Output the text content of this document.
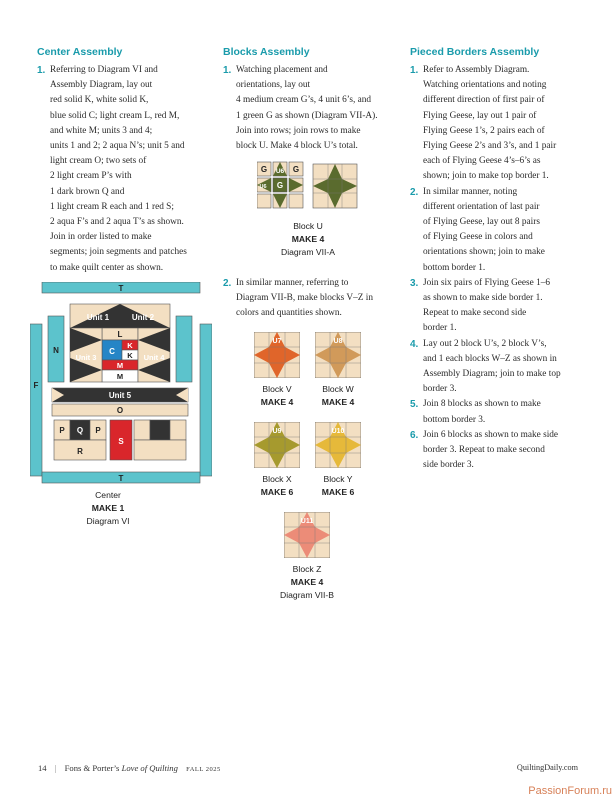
Center Assembly
1. Referring to Diagram VI and
Assembly Diagram, lay out
red solid K, white solid K,
blue solid C; light cream L, red M,
and white M; units 3 and 4;
units 1 and 2; 2 aqua N’s; unit 5 and
light cream O; two sets of
2 light cream P’s with
1 dark brown Q and
1 light cream R each and 1 red S;
2 aqua F’s and 2 aqua T’s as shown.
Join in order listed to make
segments; join segments and patches
to make quilt center as shown.

T
F
N
Unit 1	Unit 2
L
C
K
K
M
M
Unit 3	Unit 4
Unit 5
O
P Q P
R
S
T
Center
MAKE 1
Diagram VI
Blocks Assembly
1. Watching placement and
orientations, lay out
4 medium cream G’s, 4 unit 6’s, and
1 green G as shown (Diagram VII-A).
Join into rows; join rows to make
block U. Make 4 block U’s total.

G U6 G
U6 G
Block U
MAKE 4
Diagram VII-A
2. In similar manner, referring to
Diagram VII-B, make blocks V–Z in
colors and quantities shown.

U7	U8
Block V
MAKE 4
Block W
MAKE 4
U9	U10
Block X
MAKE 6
Block Y
MAKE 6
U11
Block Z
MAKE 4
Diagram VII-B
Pieced Borders Assembly
1. Refer to Assembly Diagram.
Watching orientations and noting
different direction of first pair of
Flying Geese, lay out 1 pair of
Flying Geese 1’s, 2 pairs each of
Flying Geese 2’s and 3’s, and 1 pair
each of Flying Geese 4’s–6’s as
shown; join to make top border 1.

2. In similar manner, noting
different orientation of last pair
of Flying Geese, lay out 8 pairs
of Flying Geese in colors and
orientations shown; join to make
bottom border 1.

3. Join six pairs of Flying Geese 1–6
as shown to make side border 1.
Repeat to make second side
border 1.

4. Lay out 2 block U’s, 2 block V’s,
and 1 each blocks W–Z as shown in
Assembly Diagram; join to make top
border 3.

5. Join 8 blocks as shown to make
bottom border 3.

6. Join 6 blocks as shown to make side
border 3. Repeat to make second
side border 3.

14 | Fons & Porter’s Love of Quilting FALL 2025	QuiltingDaily.com
PassionForum.ru
